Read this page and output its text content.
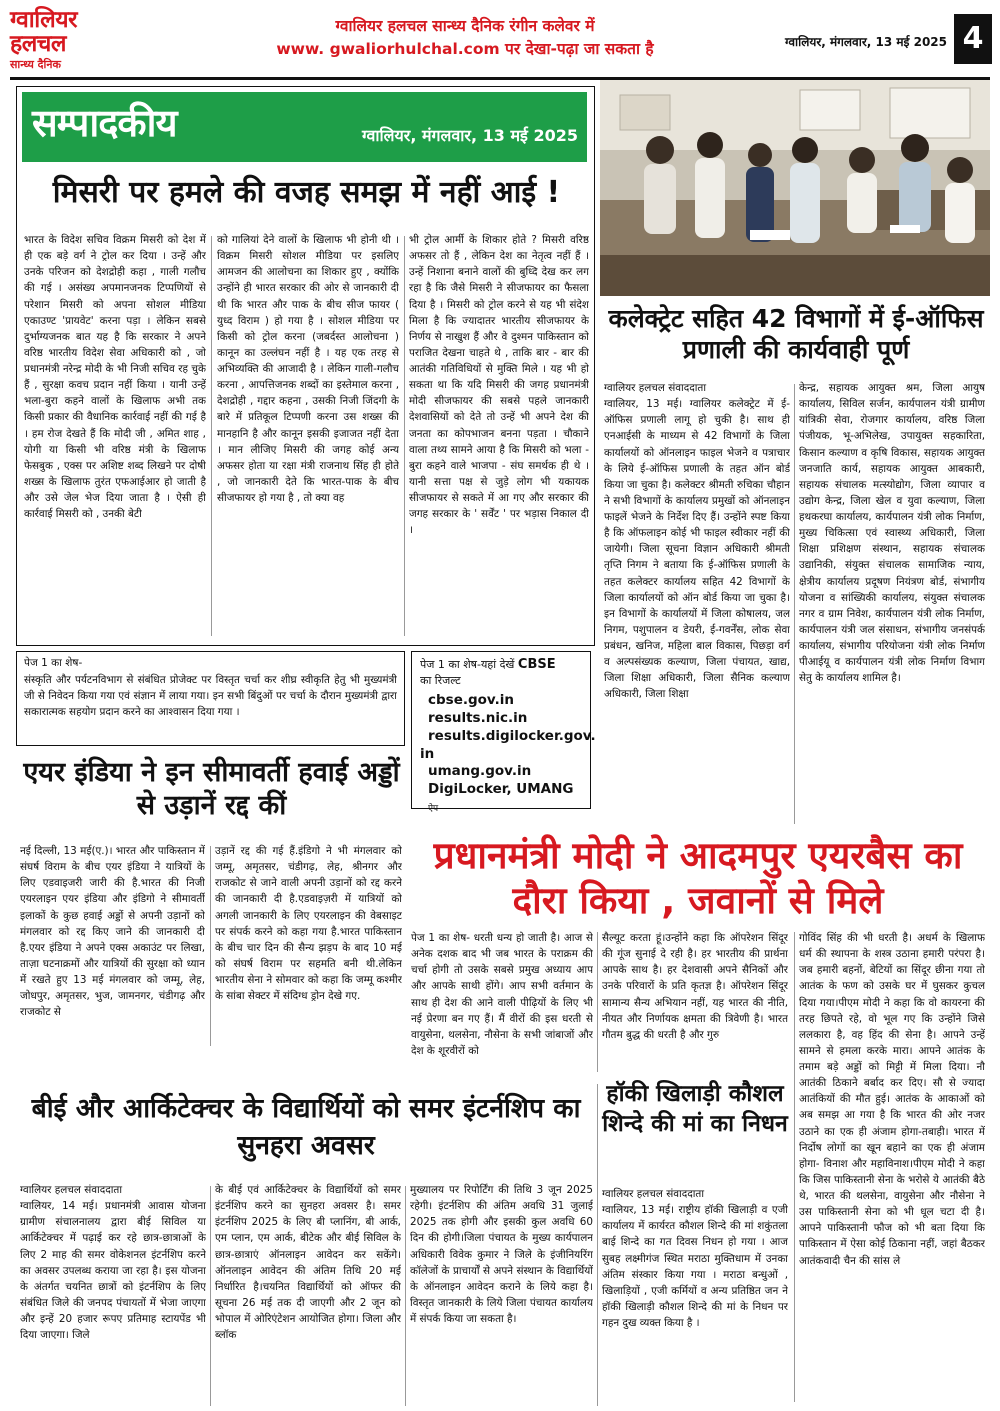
ग्वालियर
हलचल
सान्ध्य दैनिक
ग्वालियर हलचल सान्ध्य दैनिक रंगीन कलेवर में
www. gwaliorhulchal.com पर देखा-पढ़ा जा सकता है	ग्वालियर, मंगलवार, 13 मई 2025 4
सम्पादकीय	ग्वालियर, मंगलवार, 13 मई 2025
मिसरी पर हमले की वजह समझ में नहीं आई !
भारत के विदेश सचिव विक्रम मिसरी को देश में ही एक बड़े वर्ग ने ट्रोल कर दिया । उन्हें और उनके परिजन को देशद्रोही कहा , गाली गलौच की गई । असंख्य अपमानजनक टिप्पणियों से परेशान मिसरी को अपना सोशल मीडिया एकाउण्ट 'प्रायवेट' करना पड़ा । लेकिन सबसे दुर्भाग्यजनक बात यह है कि सरकार ने अपने वरिष्ठ भारतीय विदेश सेवा अधिकारी को , जो प्रधानमंत्री नरेन्द्र मोदी के भी निजी सचिव रह चुके हैं , सुरक्षा कवच प्रदान नहीं किया । यानी उन्हें भला-बुरा कहने वालों के खिलाफ अभी तक किसी प्रकार की वैधानिक कार्रवाई नहीं की गई है । हम रोज देखते हैं कि मोदी जी , अमित शाह , योगी या किसी भी वरिष्ठ मंत्री के खिलाफ फेसबुक , एक्स पर अशिष्ट शब्द लिखने पर दोषी शख्स के खिलाफ तुरंत एफआईआर हो जाती है और उसे जेल भेज दिया जाता है । ऐसी ही कार्रवाई मिसरी को , उनकी बेटी
को गालियां देने वालों के खिलाफ भी होनी थी । विक्रम मिसरी सोशल मीडिया पर इसलिए आमजन की आलोचना का शिकार हुए , क्योंकि उन्होंने ही भारत सरकार की ओर से जानकारी दी थी कि भारत और पाक के बीच सीज फायर ( युध्द विराम ) हो गया है । सोशल मीडिया पर किसी को ट्रोल करना (जबर्दस्त आलोचना ) कानून का उल्लंघन नहीं है । यह एक तरह से अभिव्यक्ति की आजादी है । लेकिन गाली-गलौच करना , आपत्तिजनक शब्दों का इस्तेमाल करना , देशद्रोही , गद्दार कहना , उसकी निजी जिंदगी के बारे में प्रतिकूल टिप्पणी करना उस शख्स की मानहानि है और कानून इसकी इजाजत नहीं देता । मान लीजिए मिसरी की जगह कोई अन्य अफसर होता या रक्षा मंत्री राजनाथ सिंह ही होते , जो जानकारी देते कि भारत-पाक के बीच सीजफायर हो गया है , तो क्या वह
भी ट्रोल आर्मी के शिकार होते ? मिसरी वरिष्ठ अफसर तो हैं , लेकिन देश का नेतृत्व नहीं हैं ।उन्हें निशाना बनाने वालों की बुध्दि देख कर लग रहा है कि जैसे मिसरी ने सीजफायर का फैसला दिया है । मिसरी को ट्रोल करने से यह भी संदेश मिला है कि ज्यादातर भारतीय सीजफायर के निर्णय से नाखुश हैं और वे दुश्मन पाकिस्तान को पराजित देखना चाहते थे , ताकि बार - बार की आतंकी गतिविधियों से मुक्ति मिले । यह भी हो सकता था कि यदि मिसरी की जगह प्रधानमंत्री मोदी सीजफायर की सबसे पहले जानकारी देशवासियों को देते तो उन्हें भी अपने देश की जनता का कोपभाजन बनना पड़ता । चौकाने वाला तथ्य सामने आया है कि मिसरी को भला - बुरा कहने वाले भाजपा - संघ समर्थक ही थे । यानी सत्ता पक्ष से जुड़े लोग भी यकायक सीजफायर से सकते में आ गए और सरकार की जगह सरकार के ' सर्वेंट ' पर भड़ास निकाल दी ।
कलेक्ट्रेट सहित 42 विभागों में ई-ऑफिस प्रणाली की कार्यवाही पूर्ण
ग्वालियर हलचल संवाददाता
ग्वालियर, 13 मई। ग्वालियर कलेक्ट्रेट में ई-ऑफिस प्रणाली लागू हो चुकी है। साथ ही एनआईसी के माध्यम से 42 विभागों के जिला कार्यालयों को ऑनलाइन फाइल भेजने व पत्राचार के लिये ई-ऑफिस प्रणाली के तहत ऑन बोर्ड किया जा चुका है। कलेक्टर श्रीमती रुचिका चौहान ने सभी विभागों के कार्यालय प्रमुखों को ऑनलाइन फाइलें भेजने के निर्देश दिए हैं। उन्होंने स्पष्ट किया है कि ऑफलाइन कोई भी फाइल स्वीकार नहीं की जायेगी। जिला सूचना विज्ञान अधिकारी श्रीमती तृप्ति निगम ने बताया कि ई-ऑफिस प्रणाली के तहत कलेक्टर कार्यालय सहित 42 विभागों के जिला कार्यालयों को ऑन बोर्ड किया जा चुका है। इन विभागों के कार्यालयों में जिला कोषालय, जल निगम, पशुपालन व डेयरी, ई-गवर्नेंस, लोक सेवा प्रबंधन, खनिज, महिला बाल विकास, पिछड़ा वर्ग व अल्पसंख्यक कल्याण, जिला पंचायत, खाद्य, जिला शिक्षा अधिकारी, जिला सैनिक कल्याण अधिकारी, जिला शिक्षा
केन्द्र, सहायक आयुक्त श्रम, जिला आयुष कार्यालय, सिविल सर्जन, कार्यपालन यंत्री ग्रामीण यांत्रिकी सेवा, रोजगार कार्यालय, वरिष्ठ जिला पंजीयक, भू-अभिलेख, उपायुक्त सहकारिता, किसान कल्याण व कृषि विकास, सहायक आयुक्त जनजाति कार्य, सहायक आयुक्त आबकारी, सहायक संचालक मत्स्योद्योग, जिला व्यापार व उद्योग केन्द्र, जिला खेल व युवा कल्याण, जिला हथकरघा कार्यालय, कार्यपालन यंत्री लोक निर्माण, मुख्य चिकित्सा एवं स्वास्थ्य अधिकारी, जिला शिक्षा प्रशिक्षण संस्थान, सहायक संचालक उद्यानिकी, संयुक्त संचालक सामाजिक न्याय, क्षेत्रीय कार्यालय प्रदूषण नियंत्रण बोर्ड, संभागीय योजना व सांख्यिकी कार्यालय, संयुक्त संचालक नगर व ग्राम निवेश, कार्यपालन यंत्री लोक निर्माण, कार्यपालन यंत्री जल संसाधन, संभागीय जनसंपर्क कार्यालय, संभागीय परियोजना यंत्री लोक निर्माण पीआईयू व कार्यपालन यंत्री लोक निर्माण विभाग सेतु के कार्यालय शामिल है।
पेज 1 का शेष-
संस्कृति और पर्यटनविभाग से संबंधित प्रोजेक्ट पर विस्तृत चर्चा कर शीघ्र स्वीकृति हेतु भी मुख्यमंत्री जी से निवेदन किया गया एवं संज्ञान में लाया गया। इन सभी बिंदुओं पर चर्चा के दौरान मुख्यमंत्री द्वारा सकारात्मक सहयोग प्रदान करने का आश्वासन दिया गया ।
पेज 1 का शेष-यहां देखें CBSE
का रिजल्ट
cbse.gov.in
results.nic.in
results.digilocker.gov.
in
umang.gov.in
DigiLocker, UMANG ऐप
एयर इंडिया ने इन सीमावर्ती हवाई अड्डों से उड़ानें रद्द कीं
नई दिल्ली, 13 मई(ए.)। भारत और पाकिस्तान में संघर्ष विराम के बीच एयर इंडिया ने यात्रियों के लिए एडवाइजरी जारी की है.भारत की निजी एयरलाइन एयर इंडिया और इंडिगो ने सीमावर्ती इलाकों के कुछ हवाई अड्डों से अपनी उड़ानों को मंगलवार को रद्द किए जाने की जानकारी दी है.एयर इंडिया ने अपने एक्स अकाउंट पर लिखा, ताज़ा घटनाक्रमों और यात्रियों की सुरक्षा को ध्यान में रखते हुए 13 मई मंगलवार को जम्मू, लेह, जोधपुर, अमृतसर, भुज, जामनगर, चंडीगढ़ और राजकोट से
उड़ानें रद्द की गई हैं.इंडिगो ने भी मंगलवार को जम्मू, अमृतसर, चंडीगढ़, लेह, श्रीनगर और राजकोट से जाने वाली अपनी उड़ानों को रद्द करने की जानकारी दी है.एडवाइज़री में यात्रियों को अगली जानकारी के लिए एयरलाइन की वेबसाइट पर संपर्क करने को कहा गया है.भारत पाकिस्तान के बीच चार दिन की सैन्य झड़प के बाद 10 मई को संघर्ष विराम पर सहमति बनी थी.लेकिन भारतीय सेना ने सोमवार को कहा कि जम्मू कश्मीर के सांबा सेक्टर में संदिग्ध ड्रोन देखे गए.
प्रधानमंत्री मोदी ने आदमपुर एयरबैस का दौरा किया , जवानों से मिले
पेज 1 का शेष- धरती धन्य हो जाती है। आज से अनेक दशक बाद भी जब भारत के पराक्रम की चर्चा होगी तो उसके सबसे प्रमुख अध्याय आप और आपके साथी होंगे। आप सभी वर्तमान के साथ ही देश की आने वाली पीढ़ियों के लिए भी नई प्रेरणा बन गए हैं। मैं वीरों की इस धरती से वायुसेना, थलसेना, नौसेना के सभी जांबाजों और देश के शूरवीरों को
सैल्यूट करता हूं।उन्होंने कहा कि ऑपरेशन सिंदूर की गूंज सुनाई दे रही है। हर भारतीय की प्रार्थना आपके साथ है। हर देशवासी अपने सैनिकों और उनके परिवारों के प्रति कृतज्ञ है। ऑपरेशन सिंदूर सामान्य सैन्य अभियान नहीं, यह भारत की नीति, नीयत और निर्णायक क्षमता की त्रिवेणी है। भारत गौतम बुद्ध की धरती है और गुरु
गोविंद सिंह की भी धरती है। अधर्म के खिलाफ धर्म की स्थापना के शस्त्र उठाना हमारी परंपरा है। जब हमारी बहनों, बेटियों का सिंदूर छीना गया तो आतंक के फण को उसके घर में घुसकर कुचल दिया गया।पीएम मोदी ने कहा कि वो कायरना की तरह छिपते रहे, वो भूल गए कि उन्होंने जिसे ललकारा है, वह हिंद की सेना है। आपने उन्हें सामने से हमला करके मारा। आपने आतंक के तमाम बड़े अड्डों को मिट्टी में मिला दिया। नौ आतंकी ठिकाने बर्बाद कर दिए। सौ से ज्यादा आतंकियों की मौत हुई। आतंक के आकाओं को अब समझ आ गया है कि भारत की ओर नजर उठाने का एक ही अंजाम होगा-तबाही। भारत में निर्दोष लोगों का खून बहाने का एक ही अंजाम होगा- विनाश और महाविनाश।पीएम मोदी ने कहा कि जिस पाकिस्तानी सेना के भरोसे ये आतंकी बैठे थे, भारत की थलसेना, वायुसेना और नौसेना ने उस पाकिस्तानी सेना को भी धूल चटा दी है। आपने पाकिस्तानी फौज को भी बता दिया कि पाकिस्तान में ऐसा कोई ठिकाना नहीं, जहां बैठकर आतंकवादी चैन की सांस ले
हॉकी खिलाड़ी कौशल शिन्दे की मां का निधन
ग्वालियर हलचल संवाददाता
ग्वालियर, 13 मई। राष्ट्रीय हॉकी खिलाड़ी व एजी कार्यालय में कार्यरत कौशल शिन्दे की मां शकुंतला बाई शिन्दे का गत दिवस निधन हो गया । आज सुबह लक्ष्मीगंज स्थित मराठा मुक्तिधाम में उनका अंतिम संस्कार किया गया । मराठा बन्धुओं , खिलाड़ियों , एजी कर्मियों व अन्य प्रतिष्ठित जन ने हॉकी खिलाड़ी कौशल शिन्दे की मां के निधन पर गहन दुख व्यक्त किया है ।
बीई और आर्किटेक्चर के विद्यार्थियों को समर इंटर्नशिप का सुनहरा अवसर
ग्वालियर हलचल संवाददाता
ग्वालियर, 14 मई। प्रधानमंत्री आवास योजना ग्रामीण संचालनालय द्वारा बीई सिविल या आर्किटेक्चर में पढ़ाई कर रहे छात्र-छात्राओं के लिए 2 माह की समर वोकेशनल इंटर्नशिप करने का अवसर उपलब्ध कराया जा रहा है। इस योजना के अंतर्गत चयनित छात्रों को इंटर्नशिप के लिए संबंधित जिले की जनपद पंचायतों में भेजा जाएगा और इन्हें 20 हजार रूपए प्रतिमाह स्टायपेंड भी दिया जाएगा। जिले
के बीई एवं आर्किटेक्चर के विद्यार्थियों को समर इंटर्नशिप करने का सुनहरा अवसर है। समर इंटर्नशिप 2025 के लिए बी प्लानिंग, बी आर्क, एम प्लान, एम आर्क, बीटेक और बीई सिविल के छात्र-छात्राएं ऑनलाइन आवेदन कर सकेंगे। ऑनलाइन आवेदन की अंतिम तिथि 20 मई निर्धारित है।चयनित विद्यार्थियों को ऑफर की सूचना 26 मई तक दी जाएगी और 2 जून को भोपाल में ओरिएंटेशन आयोजित होगा। जिला और ब्लॉक
मुख्यालय पर रिपोर्टिंग की तिथि 3 जून 2025 रहेगी। इंटर्नशिप की अंतिम अवधि 31 जुलाई 2025 तक होगी और इसकी कुल अवधि 60 दिन की होगी।जिला पंचायत के मुख्य कार्यपालन अधिकारी विवेक कुमार ने जिले के इंजीनियरिंग कॉलेजों के प्राचार्यों से अपने संस्थान के विद्यार्थियों के ऑनलाइन आवेदन कराने के लिये कहा है। विस्तृत जानकारी के लिये जिला पंचायत कार्यालय में संपर्क किया जा सकता है।
